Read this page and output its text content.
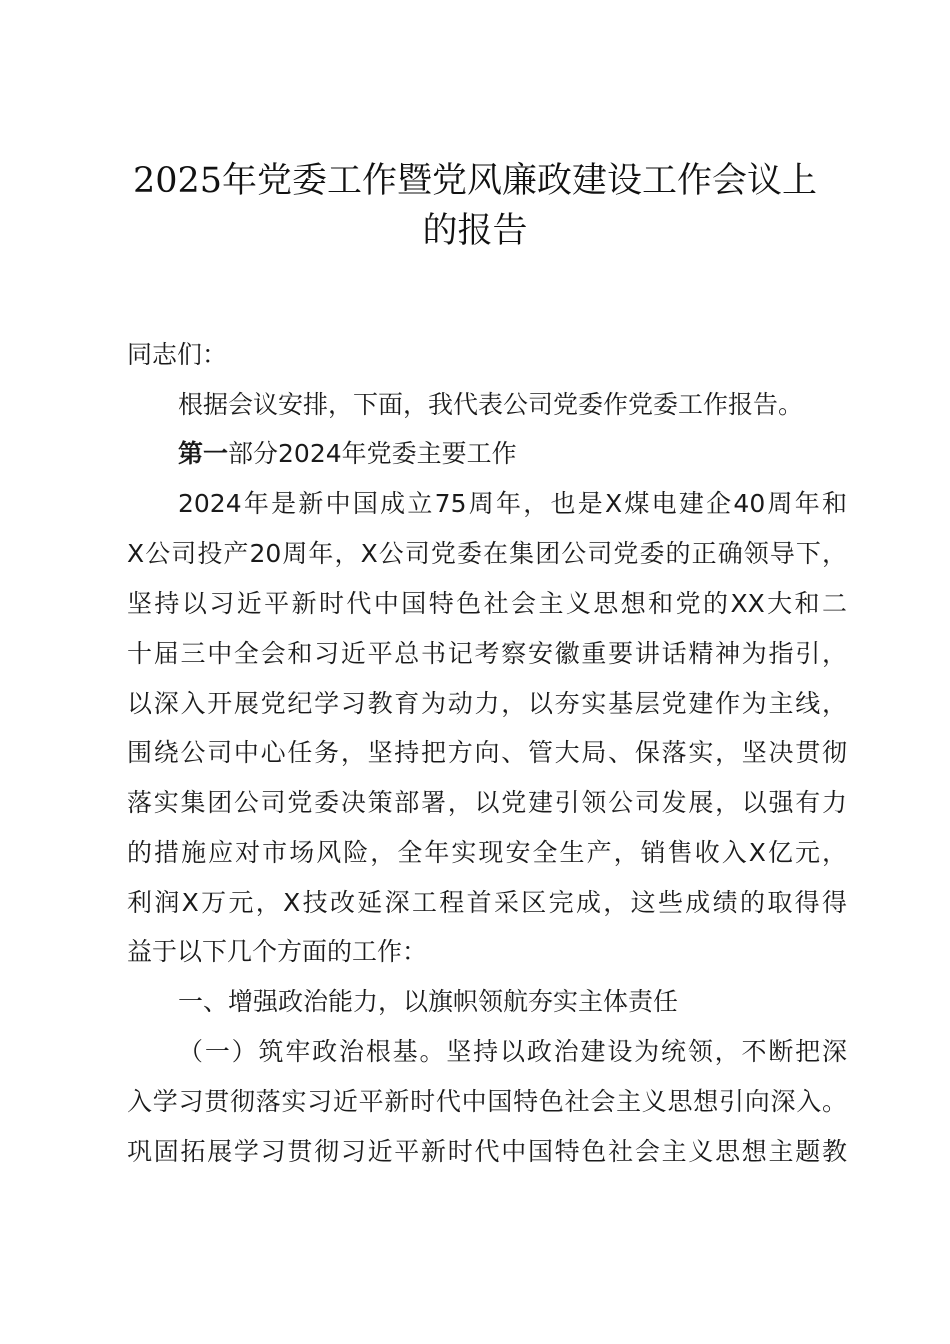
2025年党委工作暨党风廉政建设工作会议上
的报告
同志们：
根据会议安排，下面，我代表公司党委作党委工作报告。
第一部分2024年党委主要工作
2024年是新中国成立75周年，也是X煤电建企40周年和
X公司投产20周年，X公司党委在集团公司党委的正确领导下，
坚持以习近平新时代中国特色社会主义思想和党的XX大和二
十届三中全会和习近平总书记考察安徽重要讲话精神为指引，
以深入开展党纪学习教育为动力，以夯实基层党建作为主线，
围绕公司中心任务，坚持把方向、管大局、保落实，坚决贯彻
落实集团公司党委决策部署，以党建引领公司发展，以强有力
的措施应对市场风险，全年实现安全生产，销售收入X亿元，
利润X万元，X技改延深工程首采区完成，这些成绩的取得得
益于以下几个方面的工作：
一、增强政治能力，以旗帜领航夯实主体责任
（一）筑牢政治根基。坚持以政治建设为统领，不断把深
入学习贯彻落实习近平新时代中国特色社会主义思想引向深入。
巩固拓展学习贯彻习近平新时代中国特色社会主义思想主题教
